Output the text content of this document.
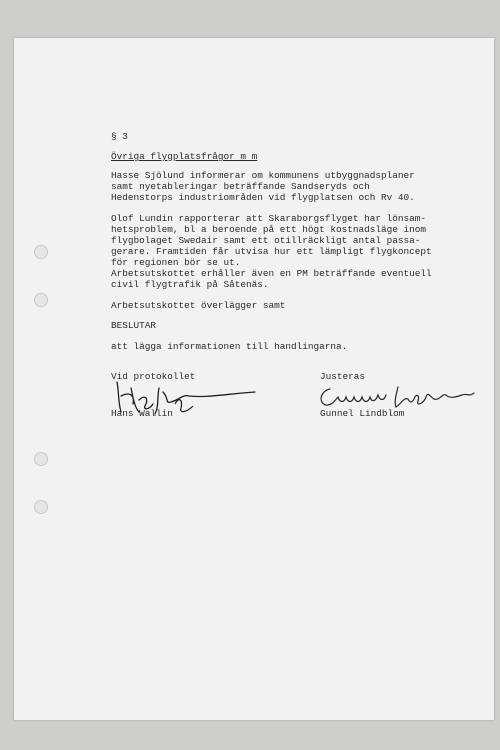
§ 3
Övriga flygplatsfrågor m m
Hasse Sjölund informerar om kommunens utbyggnadsplaner
samt nyetableringar beträffande Sandseryds och
Hedenstorps industriområden vid flygplatsen och Rv 40.
Olof Lundin rapporterar att Skaraborgsflyget har lönsam-
hetsproblem, bl a beroende på ett högt kostnadsläge inom
flygbolaget Swedair samt ett otillräckligt antal passa-
gerare. Framtiden får utvisa hur ett lämpligt flygkoncept
för regionen bör se ut.
Arbetsutskottet erhåller även en PM beträffande eventuell
civil flygtrafik på Såtenäs.
Arbetsutskottet överlägger samt
BESLUTAR
att lägga informationen till handlingarna.
Vid protokollet
Hans Wallin
Justeras
Gunnel Lindblom
